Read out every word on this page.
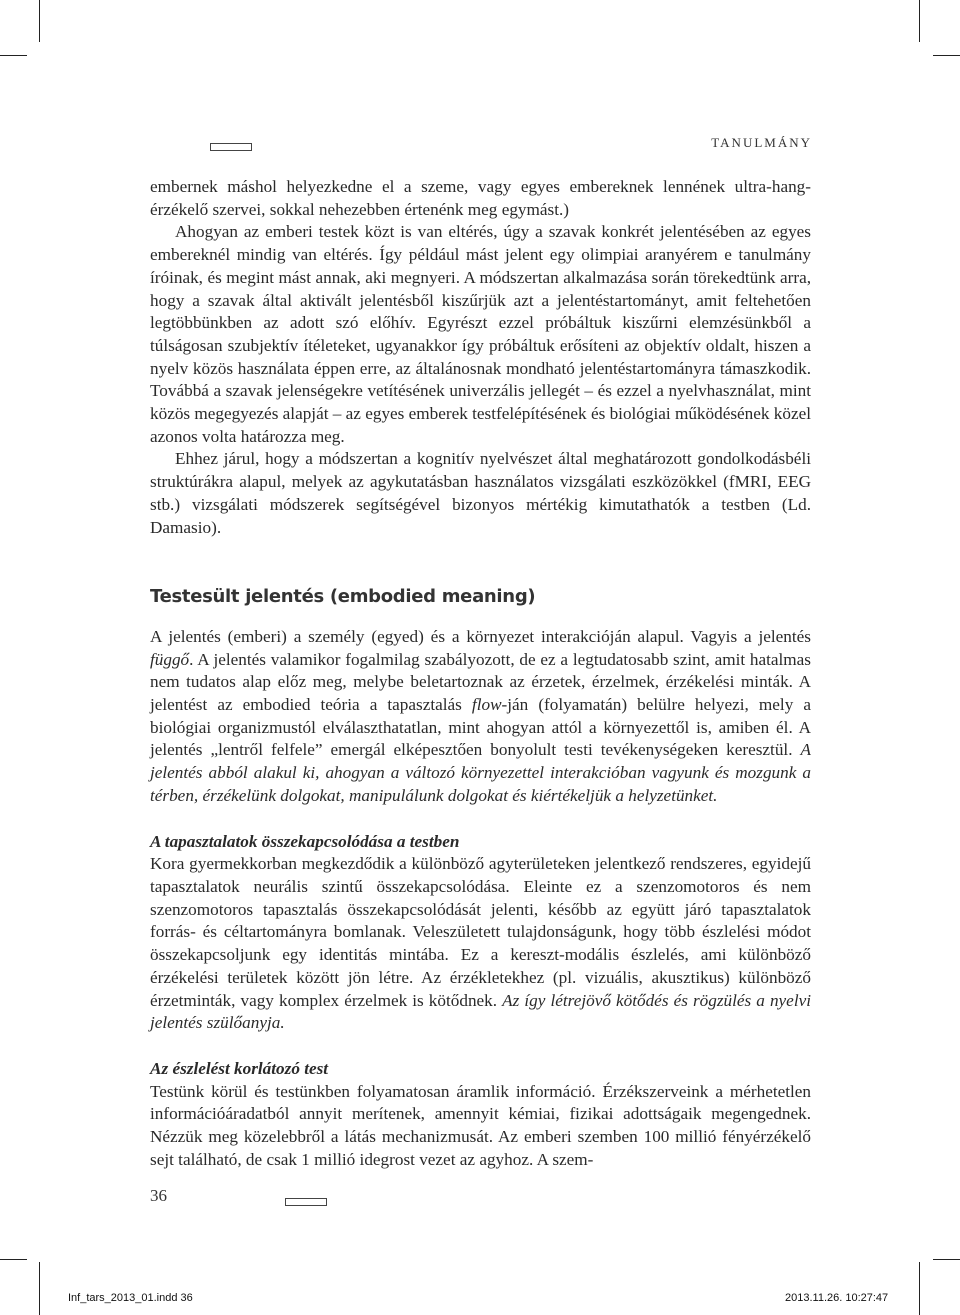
TANULMÁNY

embernek máshol helyezkedne el a szeme, vagy egyes embereknek lennének ultra-hang-érzékelő szervei, sokkal nehezebben értenénk meg egymást.)

Ahogyan az emberi testek közt is van eltérés, úgy a szavak konkrét jelentésében az egyes embereknél mindig van eltérés. Így például mást jelent egy olimpiai aranyérem e tanulmány íróinak, és megint mást annak, aki megnyeri. A módszertan alkalmazása során törekedtünk arra, hogy a szavak által aktivált jelentésből kiszűrjük azt a jelentéstartományt, amit feltehetően legtöbbünkben az adott szó előhív. Egyrészt ezzel próbáltuk kiszűrni elemzésünkből a túlságosan szubjektív ítéleteket, ugyanakkor így próbáltuk erősíteni az objektív oldalt, hiszen a nyelv közös használata éppen erre, az általánosnak mondható jelentéstartományra támaszkodik. Továbbá a szavak jelenségekre vetítésének univerzális jellegét – és ezzel a nyelvhasználat, mint közös megegyezés alapját – az egyes emberek testfelépítésének és biológiai működésének közel azonos volta határozza meg.

Ehhez járul, hogy a módszertan a kognitív nyelvészet által meghatározott gondolkodásbéli struktúrákra alapul, melyek az agykutatásban használatos vizsgálati eszközökkel (fMRI, EEG stb.) vizsgálati módszerek segítségével bizonyos mértékig kimutathatók a testben (Ld. Damasio).

Testesült jelentés (embodied meaning)

A jelentés (emberi) a személy (egyed) és a környezet interakcióján alapul. Vagyis a jelentés függő. A jelentés valamikor fogalmilag szabályozott, de ez a legtudatosabb szint, amit hatalmas nem tudatos alap előz meg, melybe beletartoznak az érzetek, érzelmek, érzékelési minták. A jelentést az embodied teória a tapasztalás flow-ján (folyamatán) belülre helyezi, mely a biológiai organizmustól elválaszthatatlan, mint ahogyan attól a környezettől is, amiben él. A jelentés „lentről felfele” emergál elképesztően bonyolult testi tevékenységeken keresztül. A jelentés abból alakul ki, ahogyan a változó környezettel interakcióban vagyunk és mozgunk a térben, érzékelünk dolgokat, manipulálunk dolgokat és kiértékeljük a helyzetünket.

A tapasztalatok összekapcsolódása a testben

Kora gyermekkorban megkezdődik a különböző agyterületeken jelentkező rendszeres, egyidejű tapasztalatok neurális szintű összekapcsolódása. Eleinte ez a szenzomotoros és nem szenzomotoros tapasztalás összekapcsolódását jelenti, később az együtt járó tapasztalatok forrás- és céltartományra bomlanak. Veleszületett tulajdonságunk, hogy több észlelési módot összekapcsoljunk egy identitás mintába. Ez a kereszt-modális észlelés, ami különböző érzékelési területek között jön létre. Az érzékletekhez (pl. vizuális, akusztikus) különböző érzetminták, vagy komplex érzelmek is kötődnek. Az így létrejövő kötődés és rögzülés a nyelvi jelentés szülőanyja.

Az észlelést korlátozó test

Testünk körül és testünkben folyamatosan áramlik információ. Érzékszerveink a mérhetetlen információáradatból annyit merítenek, amennyit kémiai, fizikai adottságaik megengednek. Nézzük meg közelebbről a látás mechanizmusát. Az emberi szemben 100 millió fényérzékelő sejt található, de csak 1 millió idegrost vezet az agyhoz. A szem-

36
Inf_tars_2013_01.indd 36	2013.11.26. 10:27:47
